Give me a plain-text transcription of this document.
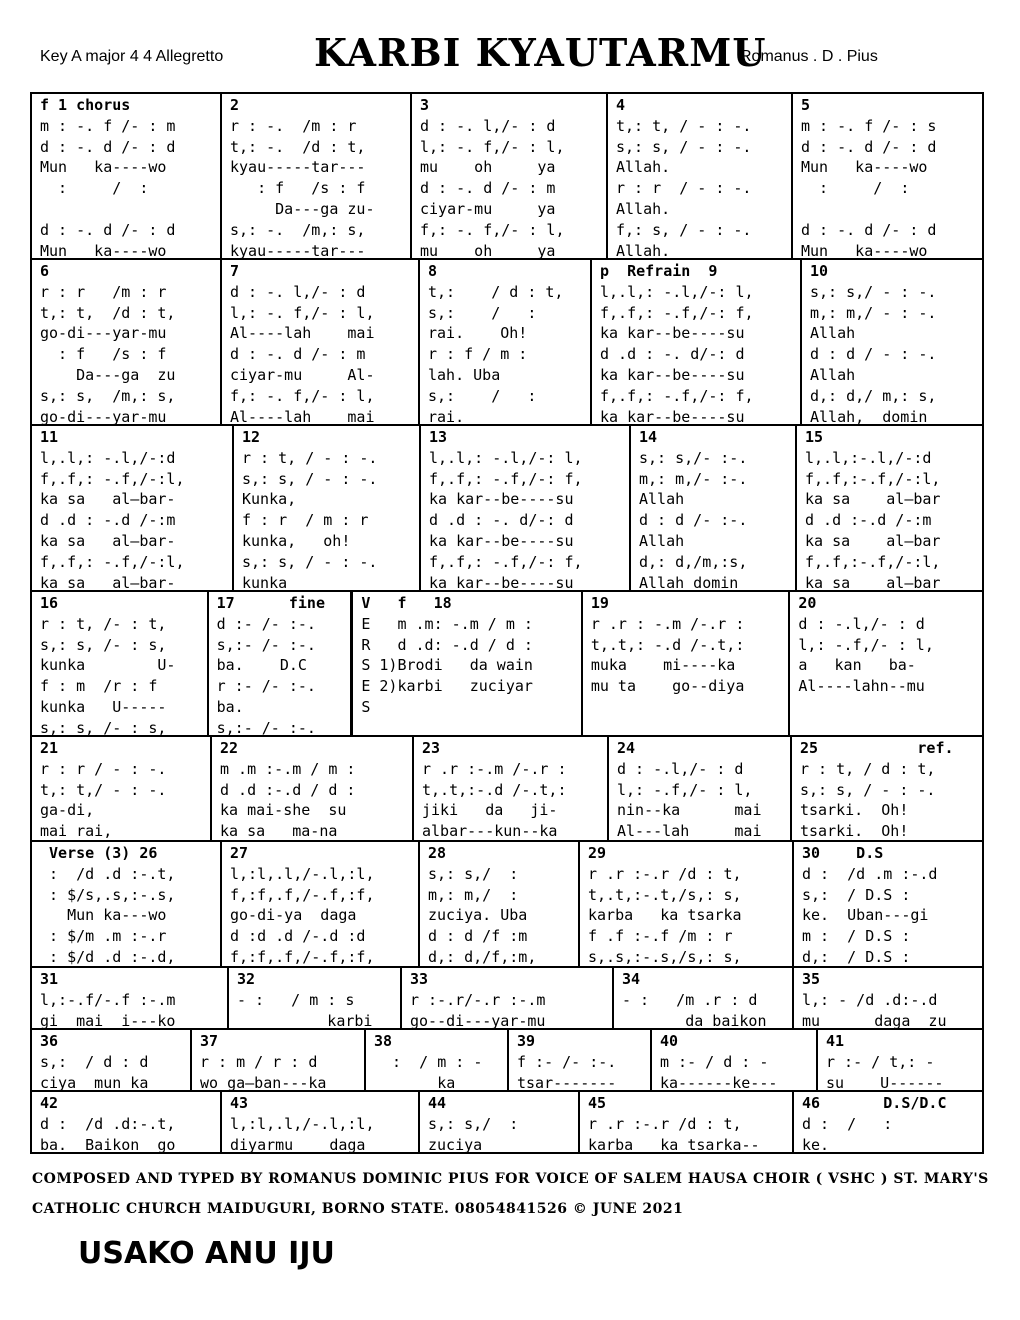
Key A major 4 4 Allegretto KARBI KYAUTARMU
Romanus . D . Pius
f 1 chorus
m : -. f /- : m
d : -. d /- : d
Mun   ka----wo
:     /  :
d : -. d /- : d
Mun   ka----wo
2
r : -.  /m : r
t,: -.  /d : t,
kyau-----tar---
: f   /s : f
Da---ga zu-
s,: -.  /m,: s,
kyau-----tar---
3
d : -. l,/- : d
l,: -. f,/- : l,
mu    oh     ya
d : -. d /- : m
ciyar-mu     ya
f,: -. f,/- : l,
mu    oh     ya
4
t,: t, / - : -.
s,: s, / - : -.
Allah.
r : r  / - : -.
Allah.
f,: s, / - : -.
Allah.
5
m : -. f /- : s
d : -. d /- : d
Mun   ka----wo
:     /  :
d : -. d /- : d
Mun   ka----wo
6
r : r   /m : r
t,: t,  /d : t,
go-di---yar-mu
: f   /s : f
Da---ga  zu
s,: s,  /m,: s,
go-di---yar-mu
7
d : -. l,/- : d
l,: -. f,/- : l,
Al----lah    mai
d : -. d /- : m
ciyar-mu     Al-
f,: -. f,/- : l,
Al----lah    mai
8
t,:    / d : t,
s,:    /   :
rai.    Oh!
r : f / m :
lah. Uba
s,:    /   :
rai.
p  Refrain  9
l,.l,: -.l,/-: l,
f,.f,: -.f,/-: f,
ka kar--be----su
d .d : -. d/-: d
ka kar--be----su
f,.f,: -.f,/-: f,
ka kar--be----su
10
s,: s,/ - : -.
m,: m,/ - : -.
Allah
d : d / - : -.
Allah
d,: d,/ m,: s,
Allah,  domin
11
l,.l,: -.l,/-:d
f,.f,: -.f,/-:l,
ka sa   al—bar-
d .d : -.d /-:m
ka sa   al—bar-
f,.f,: -.f,/-:l,
ka sa   al—bar-
12
r : t, / - : -.
s,: s, / - : -.
Kunka,
f : r  / m : r
kunka,   oh!
s,: s, / - : -.
kunka
13
l,.l,: -.l,/-: l,
f,.f,: -.f,/-: f,
ka kar--be----su
d .d : -. d/-: d
ka kar--be----su
f,.f,: -.f,/-: f,
ka kar--be----su
14
s,: s,/- :-.
m,: m,/- :-.
Allah
d : d /- :-.
Allah
d,: d,/m,:s,
Allah domin
15
l,.l,:-.l,/-:d
f,.f,:-.f,/-:l,
ka sa    al—bar
d .d :-.d /-:m
ka sa    al—bar
f,.f,:-.f,/-:l,
ka sa    al—bar
16
r : t, /- : t,
s,: s, /- : s,
kunka        U-
f : m  /r : f
kunka   U-----
s,: s, /- : s,
17      fine
d :- /- :-.
s,:- /- :-.
ba.    D.C
r :- /- :-.
ba.
s,:- /- :-.
V   f   18
E   m .m: -.m / m :
R   d .d: -.d / d :
S 1)Brodi   da wain
E 2)karbi   zuciyar
S
19
r .r : -.m /-.r :
t,.t,: -.d /-.t,:
muka    mi----ka
mu ta    go--diya
20
d : -.l,/- : d
l,: -.f,/- : l,
a   kan   ba-
Al----lahn--mu
21
r : r / - : -.
t,: t,/ - : -.
ga-di,
mai rai,
22
m .m :-.m / m :
d .d :-.d / d :
ka mai-she  su
ka sa   ma-na
23
r .r :-.m /-.r :
t,.t,:-.d /-.t,:
jiki   da   ji-
albar---kun--ka
24
d : -.l,/- : d
l,: -.f,/- : l,
nin--ka      mai
Al---lah     mai
25           ref.
r : t, / d : t,
s,: s, / - : -.
tsarki.  Oh!
tsarki.  Oh!
Verse (3) 26
:  /d .d :-.t,
: $/s,.s,:-.s,
Mun ka---wo
: $/m .m :-.r
: $/d .d :-.d,
27
l,:l,.l,/-.l,:l,
f,:f,.f,/-.f,:f,
go-di-ya  daga
d :d .d /-.d :d
f,:f,.f,/-.f,:f,
28
s,: s,/  :
m,: m,/  :
zuciya. Uba
d : d /f :m
d,: d,/f,:m,
29
r .r :-.r /d : t,
t,.t,:-.t,/s,: s,
karba   ka tsarka
f .f :-.f /m : r
s,.s,:-.s,/s,: s,
30    D.S
d :  /d .m :-.d
s,:  / D.S :
ke.  Uban---gi
m :  / D.S :
d,:  / D.S :
31
l,:-.f/-.f :-.m
gi  mai  i---ko
32
- :   / m : s
karbi
33
r :-.r/-.r :-.m
go--di---yar-mu
34
- :   /m .r : d
da baikon
35
l,: - /d .d:-.d
mu      daga  zu
36
s,:  / d : d
ciya  mun ka
37
r : m / r : d
wo ga—ban---ka
38
:  / m : -
ka
39
f :- /- :-.
tsar-------
40
m :- / d : -
ka------ke---
41
r :- / t,: -
su    U------
42
d :  /d .d:-.t,
ba.  Baikon  go
43
l,:l,.l,/-.l,:l,
diyarmu    daga
44
s,: s,/  :
zuciya
45
r .r :-.r /d : t,
karba   ka tsarka--
46       D.S/D.C
d :  /   :
ke.
COMPOSED AND TYPED BY ROMANUS DOMINIC PIUS FOR VOICE OF SALEM HAUSA CHOIR ( VSHC ) ST. MARY'S
CATHOLIC CHURCH MAIDUGURI, BORNO STATE. 08054841526 © JUNE 2021
USAKO ANU IJU
